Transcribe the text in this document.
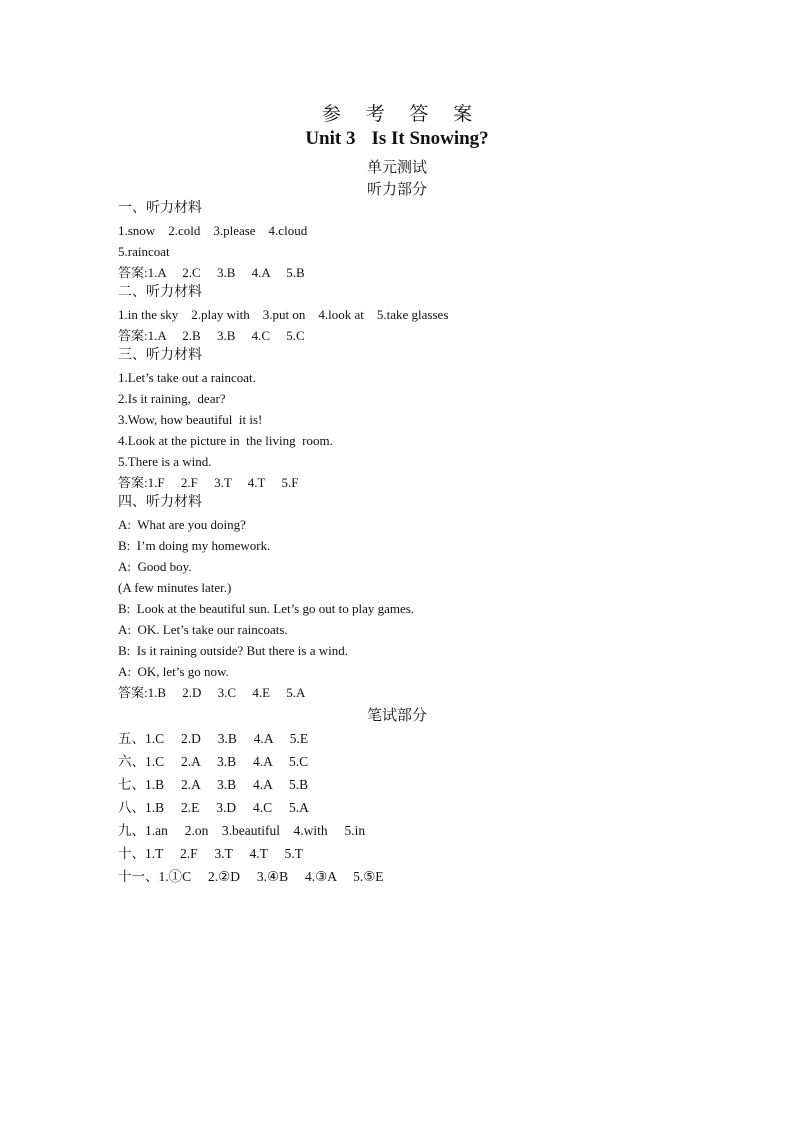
参 考 答 案
Unit 3 Is It Snowing?
单元测试
听力部分
一、听力材料
1.snow    2.cold    3.please    4.cloud
5.raincoat
答案:1.A     2.C     3.B     4.A     5.B
二、听力材料
1.in the sky    2.play with    3.put on    4.look at    5.take glasses
答案:1.A     2.B     3.B     4.C     5.C
三、听力材料
1.Let’s take out a raincoat.
2.Is it raining,  dear?
3.Wow, how beautiful  it is!
4.Look at the picture in  the living  room.
5.There is a wind.
答案:1.F     2.F     3.T     4.T     5.F
四、听力材料
A:  What are you doing?
B:  I’m doing my homework.
A:  Good boy.
(A few minutes later.)
B:  Look at the beautiful sun. Let’s go out to play games.
A:  OK. Let’s take our raincoats.
B:  Is it raining outside? But there is a wind.
A:  OK, let’s go now.
答案:1.B     2.D     3.C     4.E     5.A
笔试部分
五、1.C     2.D     3.B     4.A     5.E
六、1.C     2.A     3.B     4.A     5.C
七、1.B     2.A     3.B     4.A     5.B
八、1.B     2.E     3.D     4.C     5.A
九、1.an     2.on    3.beautiful    4.with     5.in
十、1.T     2.F     3.T     4.T     5.T
十一、1.①C     2.②D     3.④B     4.③A     5.⑤E
